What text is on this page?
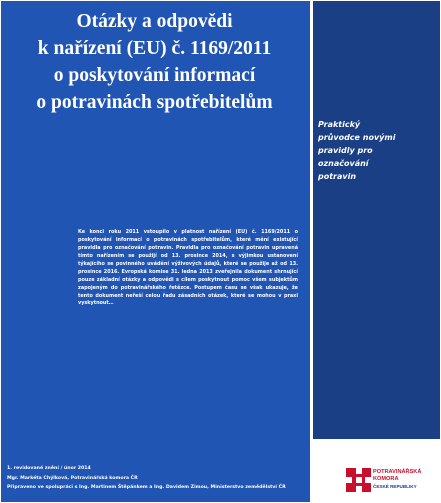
Otázky a odpovědi
k nařízení (EU) č. 1169/2011
o poskytování informací
o potravinách spotřebitelům
Praktický
průvodce novými
pravidly pro
označování
potravin

Ke konci roku 2011 vstoupilo v platnost nařízení (EU) č. 1169/2011 o poskytování informací o potravinách spotřebitelům, které mění existující pravidla pro označování potravin. Pravidla pro označování potravin upravená tímto nařízením se použijí od 13. prosince 2014, s výjimkou ustanovení týkajícího se povinného uvádění výživových údajů, které se použije až od 13. prosince 2016. Evropská komise 31. ledna 2013 zveřejnila dokument shrnující pouze základní otázky a odpovědi s cílem poskytnout pomoc všem subjektům zapojeným do potravinářského řetězce. Postupem času se však ukazuje, že tento dokument neřeší celou řadu zásadních otázek, které se mohou v praxi vyskytnout…

1. revidované znění / únor 2014
Mgr. Markéta Chýlková, Potravinářská komora ČR
Připraveno ve spolupráci s Ing. Martinem Štěpánkem a Ing. Davidem Zimou, Ministerstvo zemědělství ČR
POTRAVINÁŘSKÁ
KOMORA
ČESKÉ REPUBLIKY
